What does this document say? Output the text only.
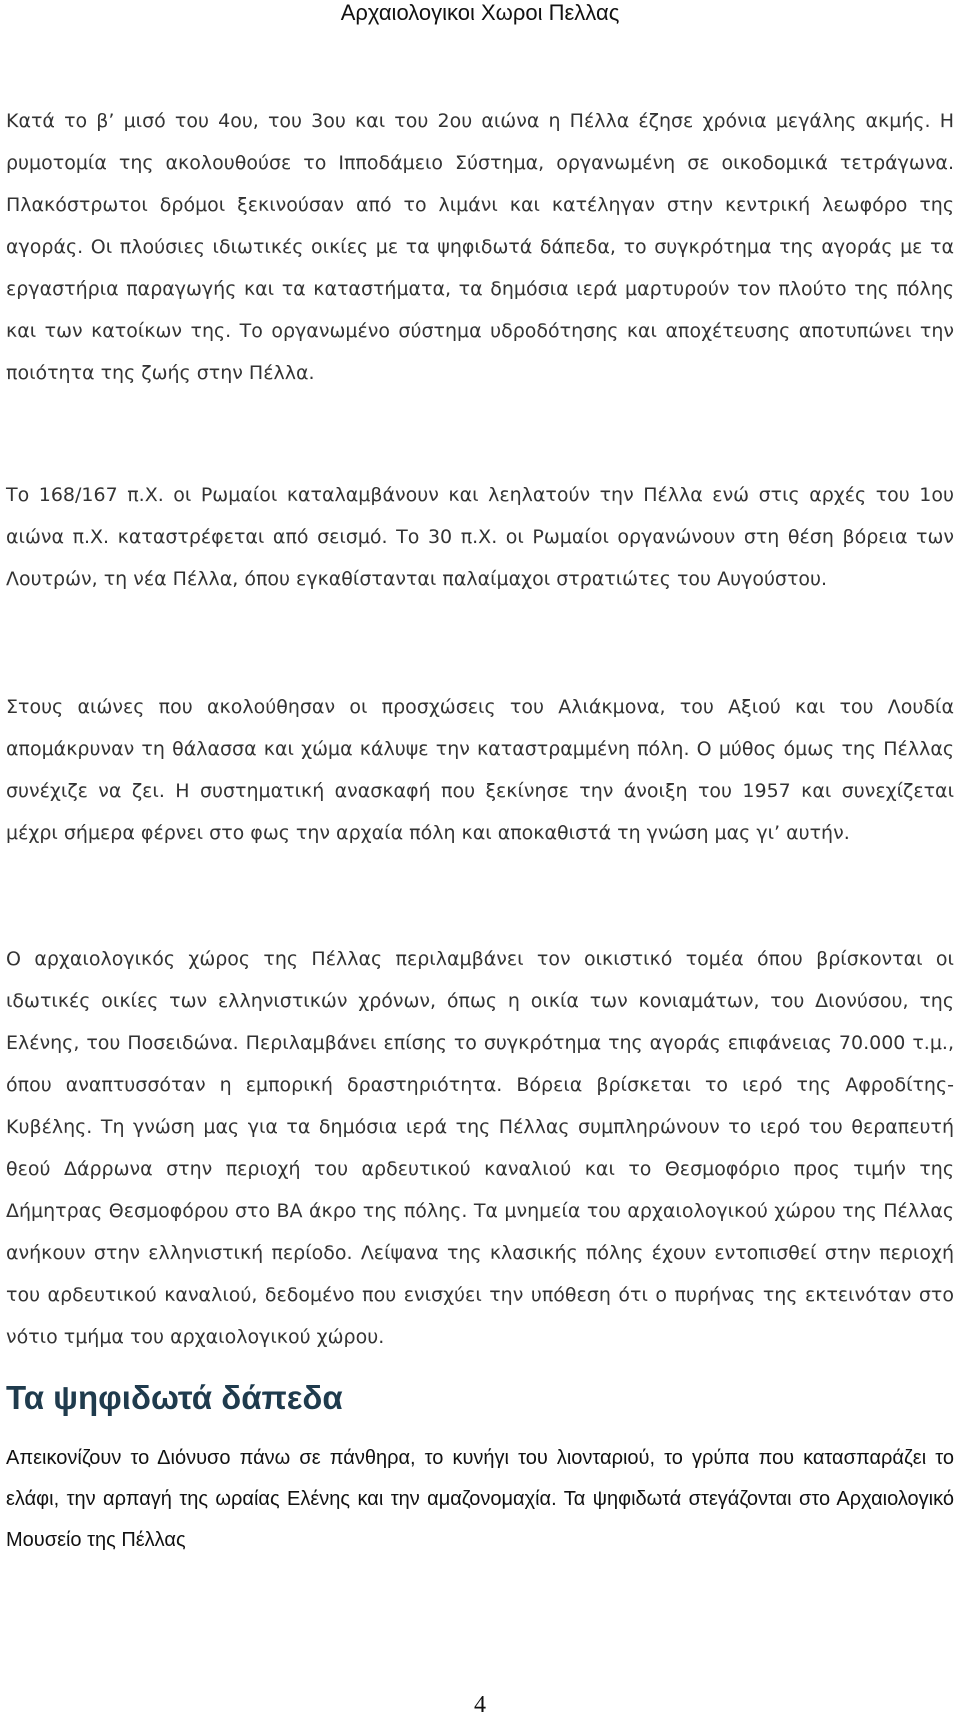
Αρχαιολογικοι Χωροι Πελλας

Κατά το β’ μισό του 4ου, του 3ου και του 2ου αιώνα η Πέλλα έζησε χρόνια μεγάλης ακμής. Η ρυμοτομία της ακολουθούσε το Ιπποδάμειο Σύστημα, οργανωμένη σε οικοδομικά τετράγωνα. Πλακόστρωτοι δρόμοι ξεκινούσαν από το λιμάνι και κατέληγαν στην κεντρική λεωφόρο της αγοράς. Οι πλούσιες ιδιωτικές οικίες με τα ψηφιδωτά δάπεδα, το συγκρότημα της αγοράς με τα εργαστήρια παραγωγής και τα καταστήματα, τα δημόσια ιερά μαρτυρούν τον πλούτο της πόλης και των κατοίκων της. Το οργανωμένο σύστημα υδροδότησης και αποχέτευσης αποτυπώνει την ποιότητα της ζωής στην Πέλλα.

Το 168/167 π.Χ. οι Ρωμαίοι καταλαμβάνουν και λεηλατούν την Πέλλα ενώ στις αρχές του 1ου αιώνα π.Χ. καταστρέφεται από σεισμό. Το 30 π.Χ. οι Ρωμαίοι οργανώνουν στη θέση βόρεια των Λουτρών, τη νέα Πέλλα, όπου εγκαθίστανται παλαίμαχοι στρατιώτες του Αυγούστου.

Στους αιώνες που ακολούθησαν οι προσχώσεις του Αλιάκμονα, του Αξιού και του Λουδία απομάκρυναν τη θάλασσα και χώμα κάλυψε την καταστραμμένη πόλη. Ο μύθος όμως της Πέλλας συνέχιζε να ζει. Η συστηματική ανασκαφή που ξεκίνησε την άνοιξη του 1957 και συνεχίζεται μέχρι σήμερα φέρνει στο φως την αρχαία πόλη και αποκαθιστά τη γνώση μας γι’ αυτήν.

Ο αρχαιολογικός χώρος της Πέλλας περιλαμβάνει τον οικιστικό τομέα όπου βρίσκονται οι ιδωτικές οικίες των ελληνιστικών χρόνων, όπως η οικία των κονιαμάτων, του Διονύσου, της Ελένης, του Ποσειδώνα. Περιλαμβάνει επίσης το συγκρότημα της αγοράς επιφάνειας 70.000 τ.μ., όπου αναπτυσσόταν η εμπορική δραστηριότητα. Βόρεια βρίσκεται το ιερό της Αφροδίτης-Κυβέλης. Τη γνώση μας για τα δημόσια ιερά της Πέλλας συμπληρώνουν το ιερό του θεραπευτή θεού Δάρρωνα στην περιοχή του αρδευτικού καναλιού και το Θεσμοφόριο προς τιμήν της Δήμητρας Θεσμοφόρου στο ΒΑ άκρο της πόλης. Τα μνημεία του αρχαιολογικού χώρου της Πέλλας ανήκουν στην ελληνιστική περίοδο. Λείψανα της κλασικής πόλης έχουν εντοπισθεί στην περιοχή του αρδευτικού καναλιού, δεδομένο που ενισχύει την υπόθεση ότι ο πυρήνας της εκτεινόταν στο νότιο τμήμα του αρχαιολογικού χώρου.

Τα ψηφιδωτά δάπεδα

Απεικονίζουν το Διόνυσο πάνω σε πάνθηρα, το κυνήγι του λιονταριού, το γρύπα που κατασπαράζει το ελάφι, την αρπαγή της ωραίας Ελένης και την αμαζονομαχία. Τα ψηφιδωτά στεγάζονται στο Αρχαιολογικό Μουσείο της Πέλλας

4
